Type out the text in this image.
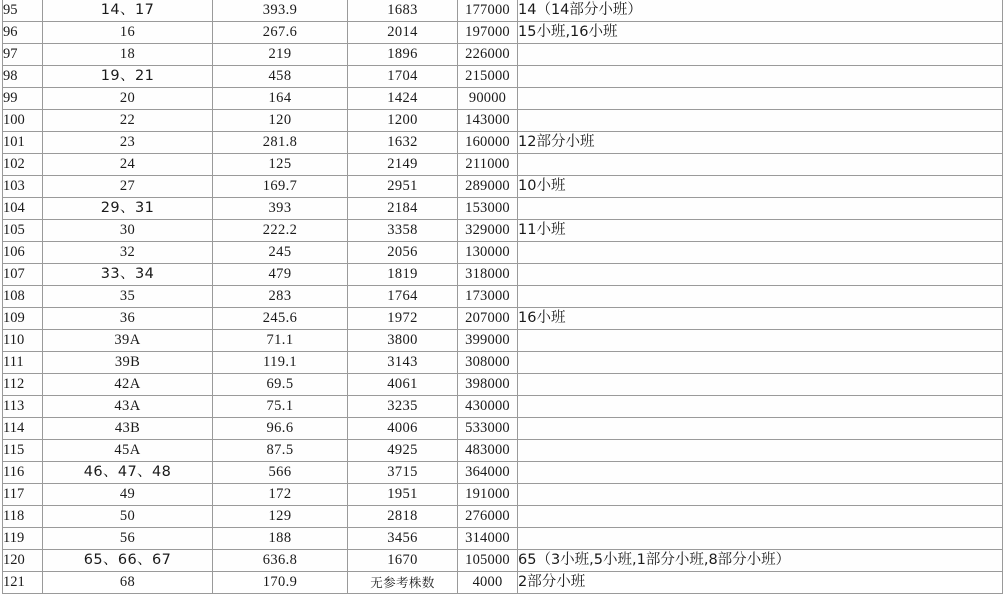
95	14、17	393.9	1683	177000	14（14部分小班）
96	16	267.6	2014	197000	15小班,16小班
97	18	219	1896	226000	
98	19、21	458	1704	215000	
99	20	164	1424	90000	
100	22	120	1200	143000	
101	23	281.8	1632	160000	12部分小班
102	24	125	2149	211000	
103	27	169.7	2951	289000	10小班
104	29、31	393	2184	153000	
105	30	222.2	3358	329000	11小班
106	32	245	2056	130000	
107	33、34	479	1819	318000	
108	35	283	1764	173000	
109	36	245.6	1972	207000	16小班
110	39A	71.1	3800	399000	
111	39B	119.1	3143	308000	
112	42A	69.5	4061	398000	
113	43A	75.1	3235	430000	
114	43B	96.6	4006	533000	
115	45A	87.5	4925	483000	
116	46、47、48	566	3715	364000	
117	49	172	1951	191000	
118	50	129	2818	276000	
119	56	188	3456	314000	
120	65、66、67	636.8	1670	105000	65（3小班,5小班,1部分小班,8部分小班）
121	68	170.9	无参考株数	4000	2部分小班
